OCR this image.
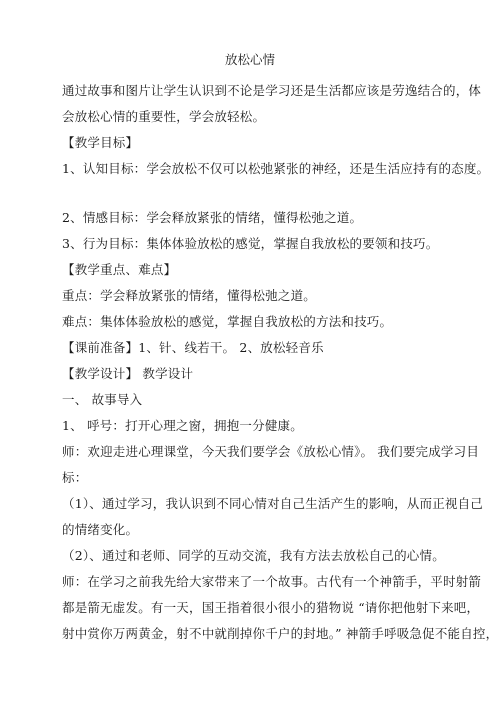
放松心情
通过故事和图片让学生认识到不论是学习还是生活都应该是劳逸结合的，体
会放松心情的重要性，学会放轻松。
【教学目标】
1、认知目标：学会放松不仅可以松弛紧张的神经，还是生活应持有的态度。
2、情感目标：学会释放紧张的情绪，懂得松弛之道。
3、行为目标：集体体验放松的感觉，掌握自我放松的要领和技巧。
【教学重点、难点】
重点：学会释放紧张的情绪，懂得松弛之道。
难点：集体体验放松的感觉，掌握自我放松的方法和技巧。
【课前准备】1、针、线若干。 2、放松轻音乐
【教学设计】 教学设计
一、 故事导入
1、 呼号：打开心理之窗，拥抱一分健康。
师：欢迎走进心理课堂，今天我们要学会《放松心情》。 我们要完成学习目
标：
（1）、通过学习，我认识到不同心情对自己生活产生的影响，从而正视自己
的情绪变化。
（2）、通过和老师、同学的互动交流，我有方法去放松自己的心情。
师：在学习之前我先给大家带来了一个故事。古代有一个神箭手，平时射箭
都是箭无虚发。有一天，国王指着很小很小的猎物说 “请你把他射下来吧，
射中赏你万两黄金，射不中就削掉你千户的封地。” 神箭手呼吸急促不能自控，
